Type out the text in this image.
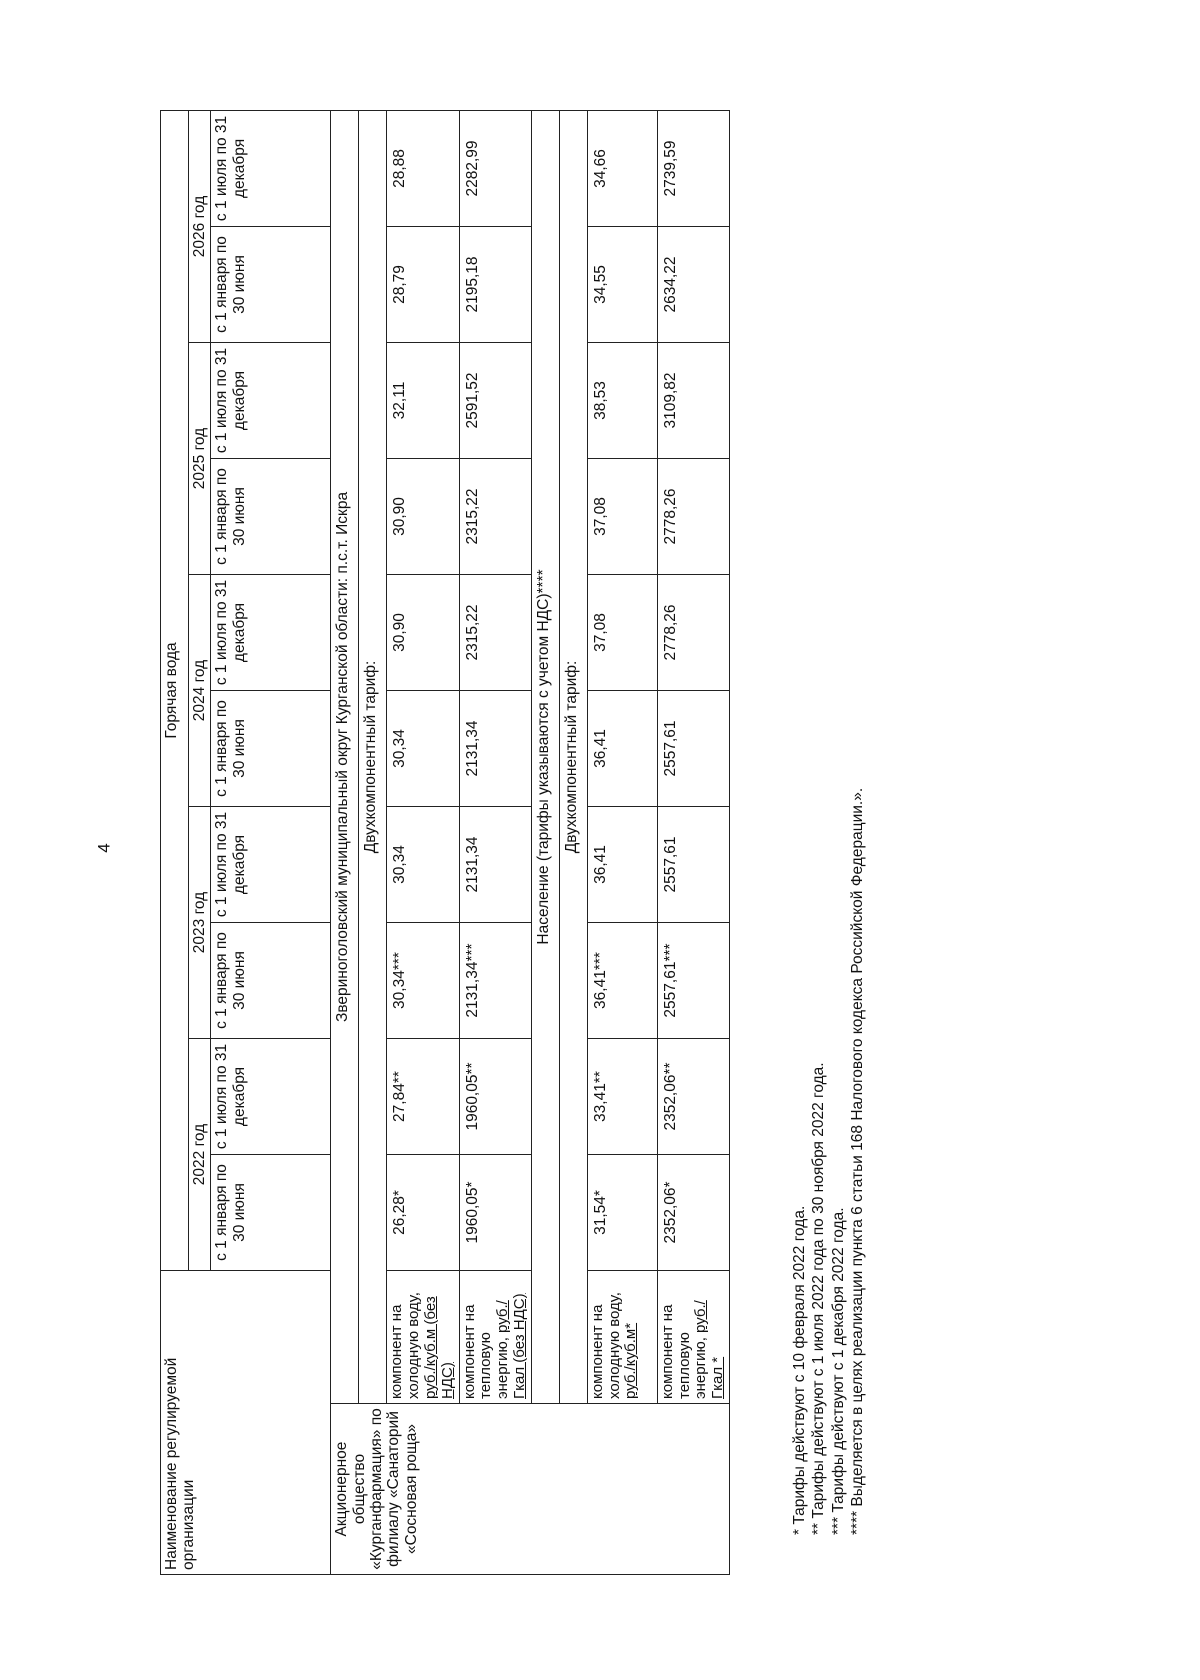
4
Наименование регулируемой организации		Горячая вода									
		2022 год		2023 год		2024 год		2025 год		2026 год	
		с 1 января по 30 июня	с 1 июля по 31 декабря	с 1 января по 30 июня	с 1 июля по 31 декабря	с 1 января по 30 июня	с 1 июля по 31 декабря	с 1 января по 30 июня	с 1 июля по 31 декабря	с 1 января по 30 июня	с 1 июля по 31 декабря
Акционерное общество «Курганфармация» по филиалу «Санаторий «Сосновая роща»	Звериноголовский муниципальный округ Курганской области: п.с.т. Искра										
	Двухкомпонентный тариф:										
	компонент на холодную воду, руб./куб.м (без НДС)	26,28*	27,84**	30,34***	30,34	30,34	30,90	30,90	32,11	28,79	28,88
	компонент на тепловую энергию, руб./Гкал (без НДС)	1960,05*	1960,05**	2131,34***	2131,34	2131,34	2315,22	2315,22	2591,52	2195,18	2282,99
	Население (тарифы указываются с учетом НДС)****										
	Двухкомпонентный тариф:										
	компонент на холодную воду, руб./куб.м*	31,54*	33,41**	36,41***	36,41	36,41	37,08	37,08	38,53	34,55	34,66
	компонент на тепловую энергию, руб./Гкал *	2352,06*	2352,06**	2557,61***	2557,61	2557,61	2778,26	2778,26	3109,82	2634,22	2739,59
* Тарифы действуют с 10 февраля 2022 года. ** Тарифы действуют с 1 июля 2022 года по 30 ноября 2022 года. *** Тарифы действуют с 1 декабря 2022 года. **** Выделяется в целях реализации пункта 6 статьи 168 Налогового кодекса Российской Федерации.».
